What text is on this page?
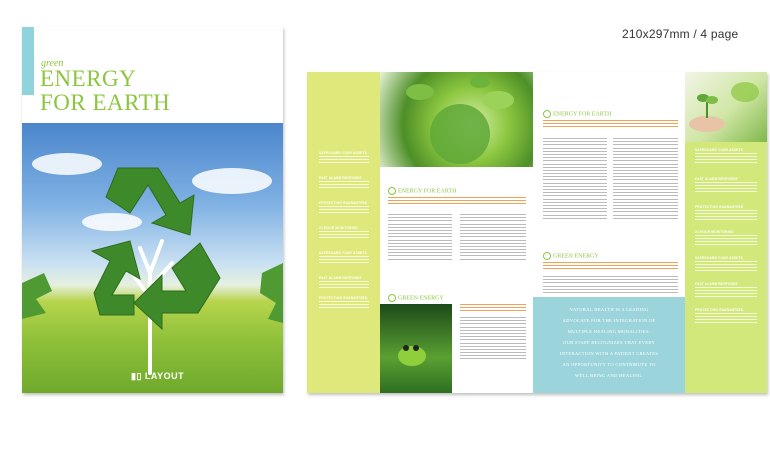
210x297mm / 4 page
green
ENERGY
FOR EARTH
▮▯ LAYOUT
SAFEGUARD YOUR ASSETS
FAST ALARM RESPONSE
PROTECTION GUARANTEED
24 HOUR MONITORING
SAFEGUARD YOUR ASSETS
FAST ALARM RESPONSE
PROTECTION GUARANTEED
ENERGY FOR EARTH
GREEN ENERGY
ENERGY FOR EARTH
GREEN ENERGY
NATURAL HEALTH IS A LEADING
ADVOCATE FOR THE INTEGRATION OF
MULTIPLE HEALING MODALITIES.
OUR STAFF RECOGNIZES THAT EVERY
INTERACTION WITH A PATIENT CREATES
AN OPPORTUNITY TO CONTRIBUTE TO
WELL BEING AND HEALING.
SAFEGUARD YOUR ASSETS
FAST ALARM RESPONSE
PROTECTION GUARANTEED
24 HOUR MONITORING
SAFEGUARD YOUR ASSETS
FAST ALARM RESPONSE
PROTECTION GUARANTEED
